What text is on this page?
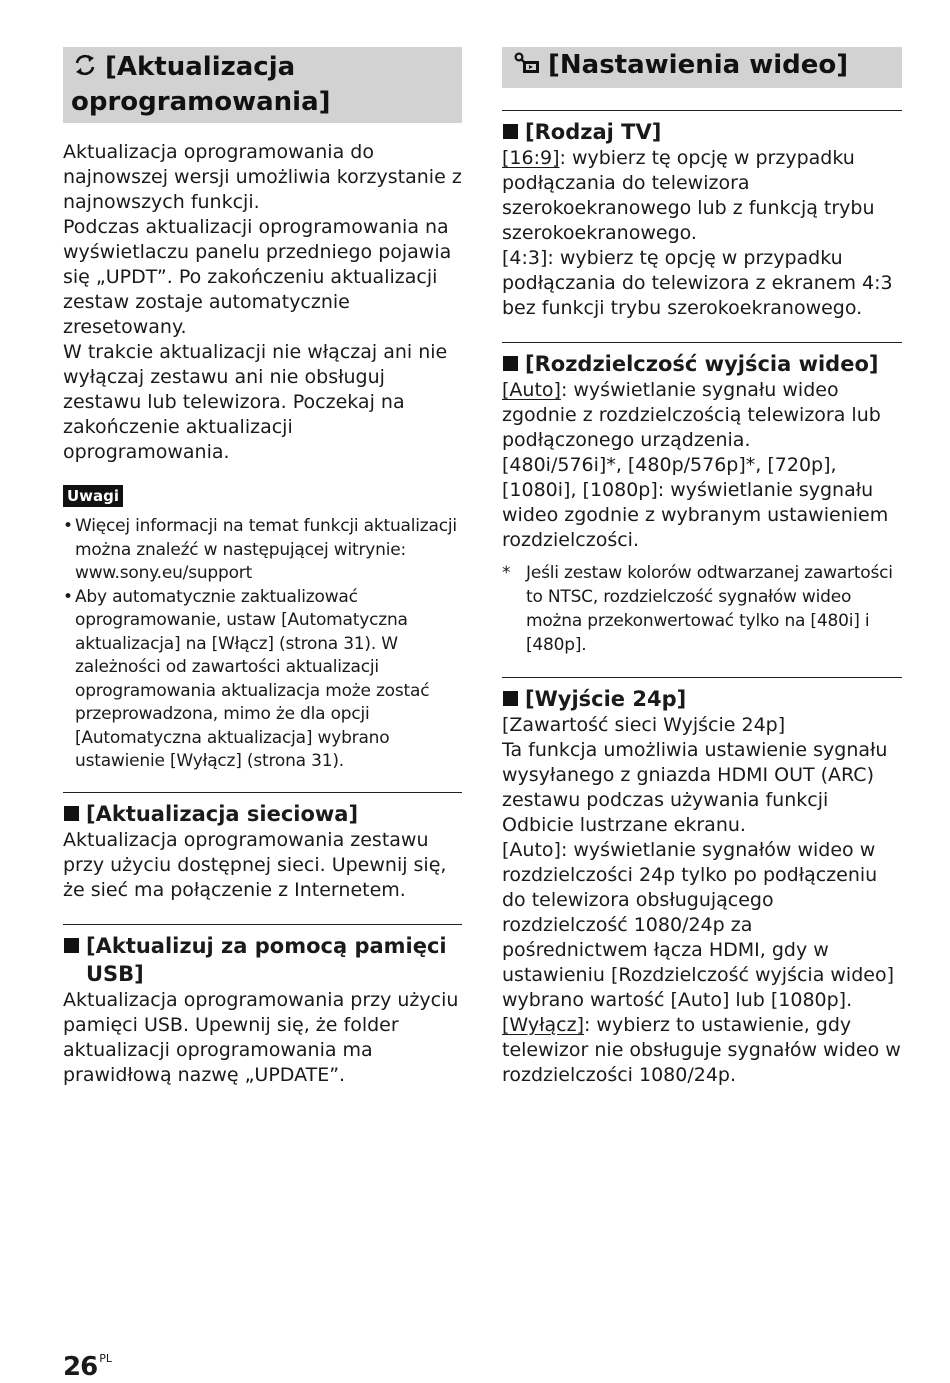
[Aktualizacja oprogramowania]

Aktualizacja oprogramowania do najnowszej wersji umożliwia korzystanie z najnowszych funkcji.

Podczas aktualizacji oprogramowania na wyświetlaczu panelu przedniego pojawia się „UPDT”. Po zakończeniu aktualizacji zestaw zostaje automatycznie zresetowany.

W trakcie aktualizacji nie włączaj ani nie wyłączaj zestawu ani nie obsługuj zestawu lub telewizora. Poczekaj na zakończenie aktualizacji oprogramowania.

Uwagi
• Więcej informacji na temat funkcji aktualizacji można znaleźć w następującej witrynie:
www.sony.eu/support
• Aby automatycznie zaktualizować oprogramowanie, ustaw [Automatyczna aktualizacja] na [Włącz] (strona 31). W zależności od zawartości aktualizacji oprogramowania aktualizacja może zostać przeprowadzona, mimo że dla opcji [Automatyczna aktualizacja] wybrano ustawienie [Wyłącz] (strona 31).
[Aktualizacja sieciowa]

Aktualizacja oprogramowania zestawu przy użyciu dostępnej sieci. Upewnij się, że sieć ma połączenie z Internetem.

[Aktualizuj za pomocą pamięci USB]

Aktualizacja oprogramowania przy użyciu pamięci USB. Upewnij się, że folder aktualizacji oprogramowania ma prawidłową nazwę „UPDATE”.

[Nastawienia wideo]
[Rodzaj TV]

[16:9]: wybierz tę opcję w przypadku podłączania do telewizora szerokoekranowego lub z funkcją trybu szerokoekranowego.

[4:3]: wybierz tę opcję w przypadku podłączania do telewizora z ekranem 4:3 bez funkcji trybu szerokoekranowego.

[Rozdzielczość wyjścia wideo]

[Auto]: wyświetlanie sygnału wideo zgodnie z rozdzielczością telewizora lub podłączonego urządzenia.

[480i/576i]*, [480p/576p]*, [720p], [1080i], [1080p]: wyświetlanie sygnału wideo zgodnie z wybranym ustawieniem rozdzielczości.

* Jeśli zestaw kolorów odtwarzanej zawartości to NTSC, rozdzielczość sygnałów wideo można przekonwertować tylko na [480i] i [480p].
[Wyjście 24p]

[Zawartość sieci Wyjście 24p]

Ta funkcja umożliwia ustawienie sygnału wysyłanego z gniazda HDMI OUT (ARC) zestawu podczas używania funkcji Odbicie lustrzane ekranu.

[Auto]: wyświetlanie sygnałów wideo w rozdzielczości 24p tylko po podłączeniu do telewizora obsługującego rozdzielczość 1080/24p za pośrednictwem łącza HDMI, gdy w ustawieniu [Rozdzielczość wyjścia wideo] wybrano wartość [Auto] lub [1080p].

[Wyłącz]: wybierz to ustawienie, gdy telewizor nie obsługuje sygnałów wideo w rozdzielczości 1080/24p.

26 $^{PL}$
